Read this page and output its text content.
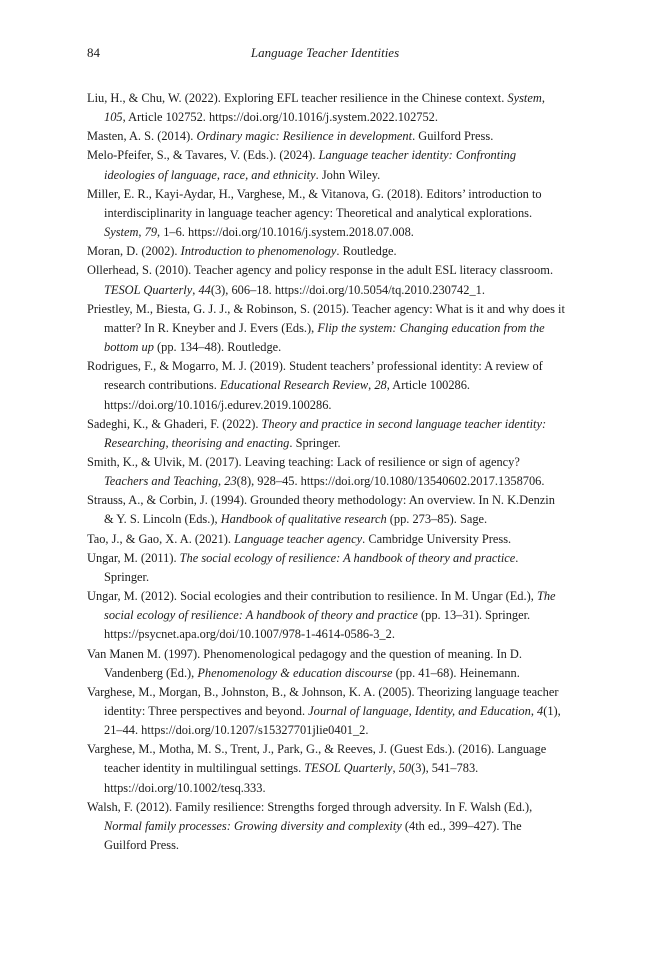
84	Language Teacher Identities
Liu, H., & Chu, W. (2022). Exploring EFL teacher resilience in the Chinese context. System, 105, Article 102752. https://doi.org/10.1016/j.system.2022.102752.
Masten, A. S. (2014). Ordinary magic: Resilience in development. Guilford Press.
Melo-Pfeifer, S., & Tavares, V. (Eds.). (2024). Language teacher identity: Confronting ideologies of language, race, and ethnicity. John Wiley.
Miller, E. R., Kayi-Aydar, H., Varghese, M., & Vitanova, G. (2018). Editors’ introduction to interdisciplinarity in language teacher agency: Theoretical and analytical explorations. System, 79, 1–6. https://doi.org/10.1016/j.system.2018.07.008.
Moran, D. (2002). Introduction to phenomenology. Routledge.
Ollerhead, S. (2010). Teacher agency and policy response in the adult ESL literacy classroom. TESOL Quarterly, 44(3), 606–18. https://doi.org/10.5054/tq.2010.230742_1.
Priestley, M., Biesta, G. J. J., & Robinson, S. (2015). Teacher agency: What is it and why does it matter? In R. Kneyber and J. Evers (Eds.), Flip the system: Changing education from the bottom up (pp. 134–48). Routledge.
Rodrigues, F., & Mogarro, M. J. (2019). Student teachers’ professional identity: A review of research contributions. Educational Research Review, 28, Article 100286. https://doi.org/10.1016/j.edurev.2019.100286.
Sadeghi, K., & Ghaderi, F. (2022). Theory and practice in second language teacher identity: Researching, theorising and enacting. Springer.
Smith, K., & Ulvik, M. (2017). Leaving teaching: Lack of resilience or sign of agency? Teachers and Teaching, 23(8), 928–45. https://doi.org/10.1080/13540602.2017.1358706.
Strauss, A., & Corbin, J. (1994). Grounded theory methodology: An overview. In N. K.Denzin & Y. S. Lincoln (Eds.), Handbook of qualitative research (pp. 273–85). Sage.
Tao, J., & Gao, X. A. (2021). Language teacher agency. Cambridge University Press.
Ungar, M. (2011). The social ecology of resilience: A handbook of theory and practice. Springer.
Ungar, M. (2012). Social ecologies and their contribution to resilience. In M. Ungar (Ed.), The social ecology of resilience: A handbook of theory and practice (pp. 13–31). Springer. https://psycnet.apa.org/doi/10.1007/978-1-4614-0586-3_2.
Van Manen M. (1997). Phenomenological pedagogy and the question of meaning. In D. Vandenberg (Ed.), Phenomenology & education discourse (pp. 41–68). Heinemann.
Varghese, M., Morgan, B., Johnston, B., & Johnson, K. A. (2005). Theorizing language teacher identity: Three perspectives and beyond. Journal of language, Identity, and Education, 4(1), 21–44. https://doi.org/10.1207/s15327701jlie0401_2.
Varghese, M., Motha, M. S., Trent, J., Park, G., & Reeves, J. (Guest Eds.). (2016). Language teacher identity in multilingual settings. TESOL Quarterly, 50(3), 541–783. https://doi.org/10.1002/tesq.333.
Walsh, F. (2012). Family resilience: Strengths forged through adversity. In F. Walsh (Ed.), Normal family processes: Growing diversity and complexity (4th ed., 399–427). The Guilford Press.
